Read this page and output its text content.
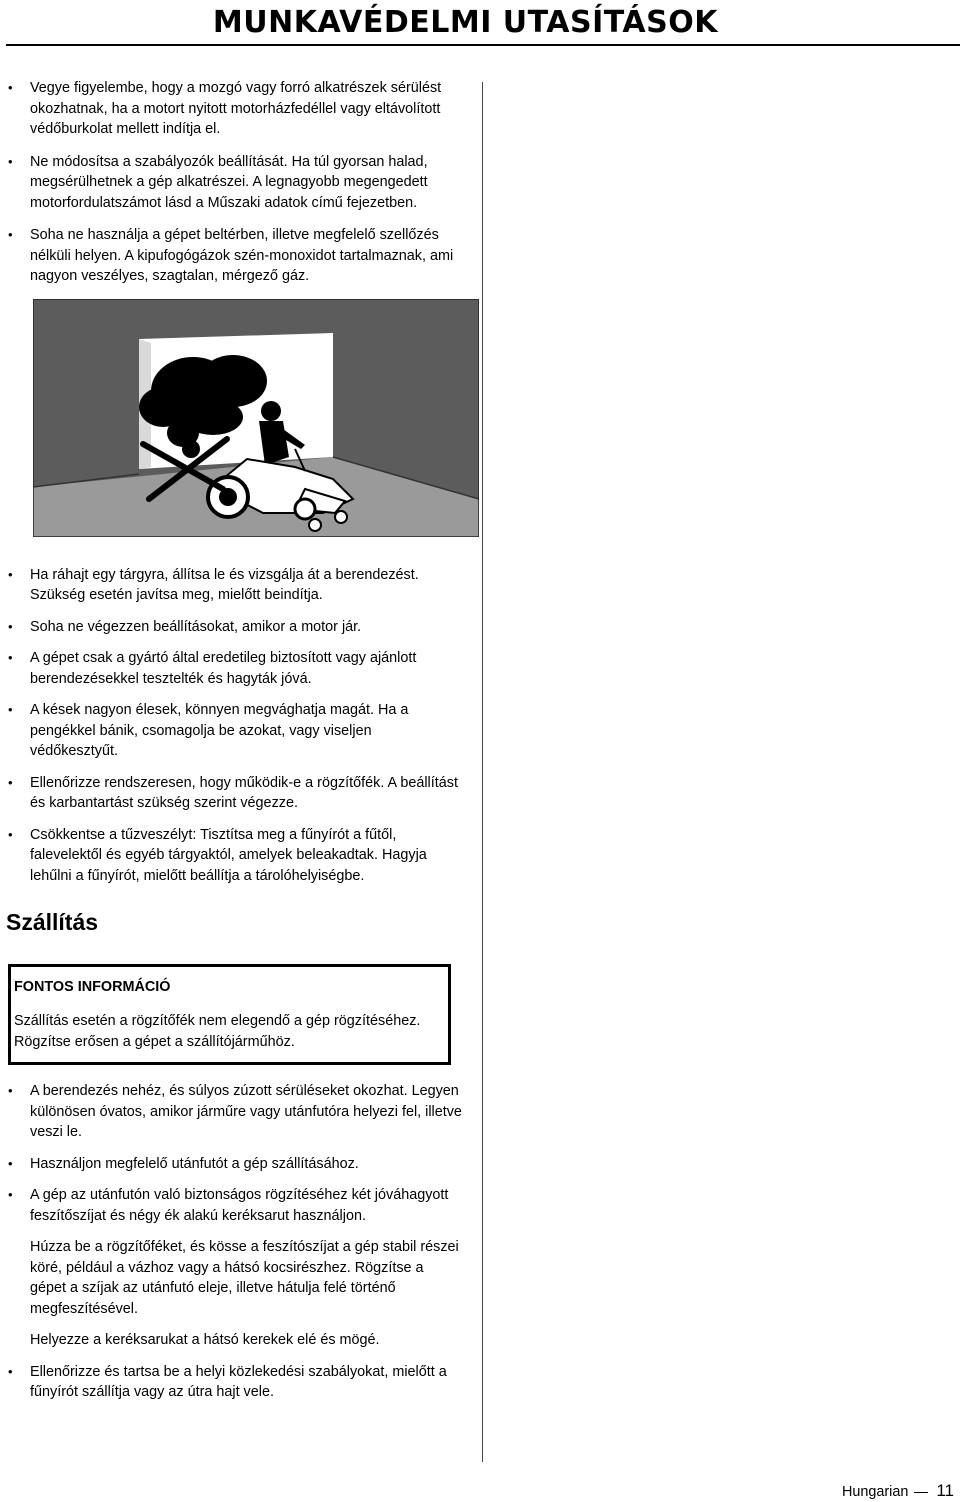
MUNKAVÉDELMI UTASÍTÁSOK
• Vegye figyelembe, hogy a mozgó vagy forró alkatrészek sérülést okozhatnak, ha a motort nyitott motorházfedéllel vagy eltávolított védőburkolat mellett indítja el.
• Ne módosítsa a szabályozók beállítását. Ha túl gyorsan halad, megsérülhetnek a gép alkatrészei. A legnagyobb megengedett motorfordulatszámot lásd a Műszaki adatok című fejezetben.
• Soha ne használja a gépet beltérben, illetve megfelelő szellőzés nélküli helyen. A kipufogógázok szén-monoxidot tartalmaznak, ami nagyon veszélyes, szagtalan, mérgező gáz.
• Ha ráhajt egy tárgyra, állítsa le és vizsgálja át a berendezést. Szükség esetén javítsa meg, mielőtt beindítja.
• Soha ne végezzen beállításokat, amikor a motor jár.
• A gépet csak a gyártó által eredetileg biztosított vagy ajánlott berendezésekkel tesztelték és hagyták jóvá.
• A kések nagyon élesek, könnyen megvághatja magát. Ha a pengékkel bánik, csomagolja be azokat, vagy viseljen védőkesztyűt.
• Ellenőrizze rendszeresen, hogy működik-e a rögzítőfék. A beállítást és karbantartást szükség szerint végezze.
• Csökkentse a tűzveszélyt: Tisztítsa meg a fűnyírót a fűtől, falevelektől és egyéb tárgyaktól, amelyek beleakadtak. Hagyja lehűlni a fűnyírót, mielőtt beállítja a tárolóhelyiségbe.
Szállítás
FONTOS INFORMÁCIÓ

Szállítás esetén a rögzítőfék nem elegendő a gép rögzítéséhez. Rögzítse erősen a gépet a szállítójárműhöz.

• A berendezés nehéz, és súlyos zúzott sérüléseket okozhat. Legyen különösen óvatos, amikor járműre vagy utánfutóra helyezi fel, illetve veszi le.
• Használjon megfelelő utánfutót a gép szállításához.
• A gép az utánfutón való biztonságos rögzítéséhez két jóváhagyott feszítőszíjat és négy ék alakú keréksarut használjon.

Húzza be a rögzítőféket, és kösse a feszítószíjat a gép stabil részei köré, például a vázhoz vagy a hátsó kocsirészhez. Rögzítse a gépet a szíjak az utánfutó eleje, illetve hátulja felé történő megfeszítésével.

Helyezze a keréksarukat a hátsó kerekek elé és mögé.

• Ellenőrizze és tartsa be a helyi közlekedési szabályokat, mielőtt a fűnyírót szállítja vagy az útra hajt vele.
Hungarian 11
